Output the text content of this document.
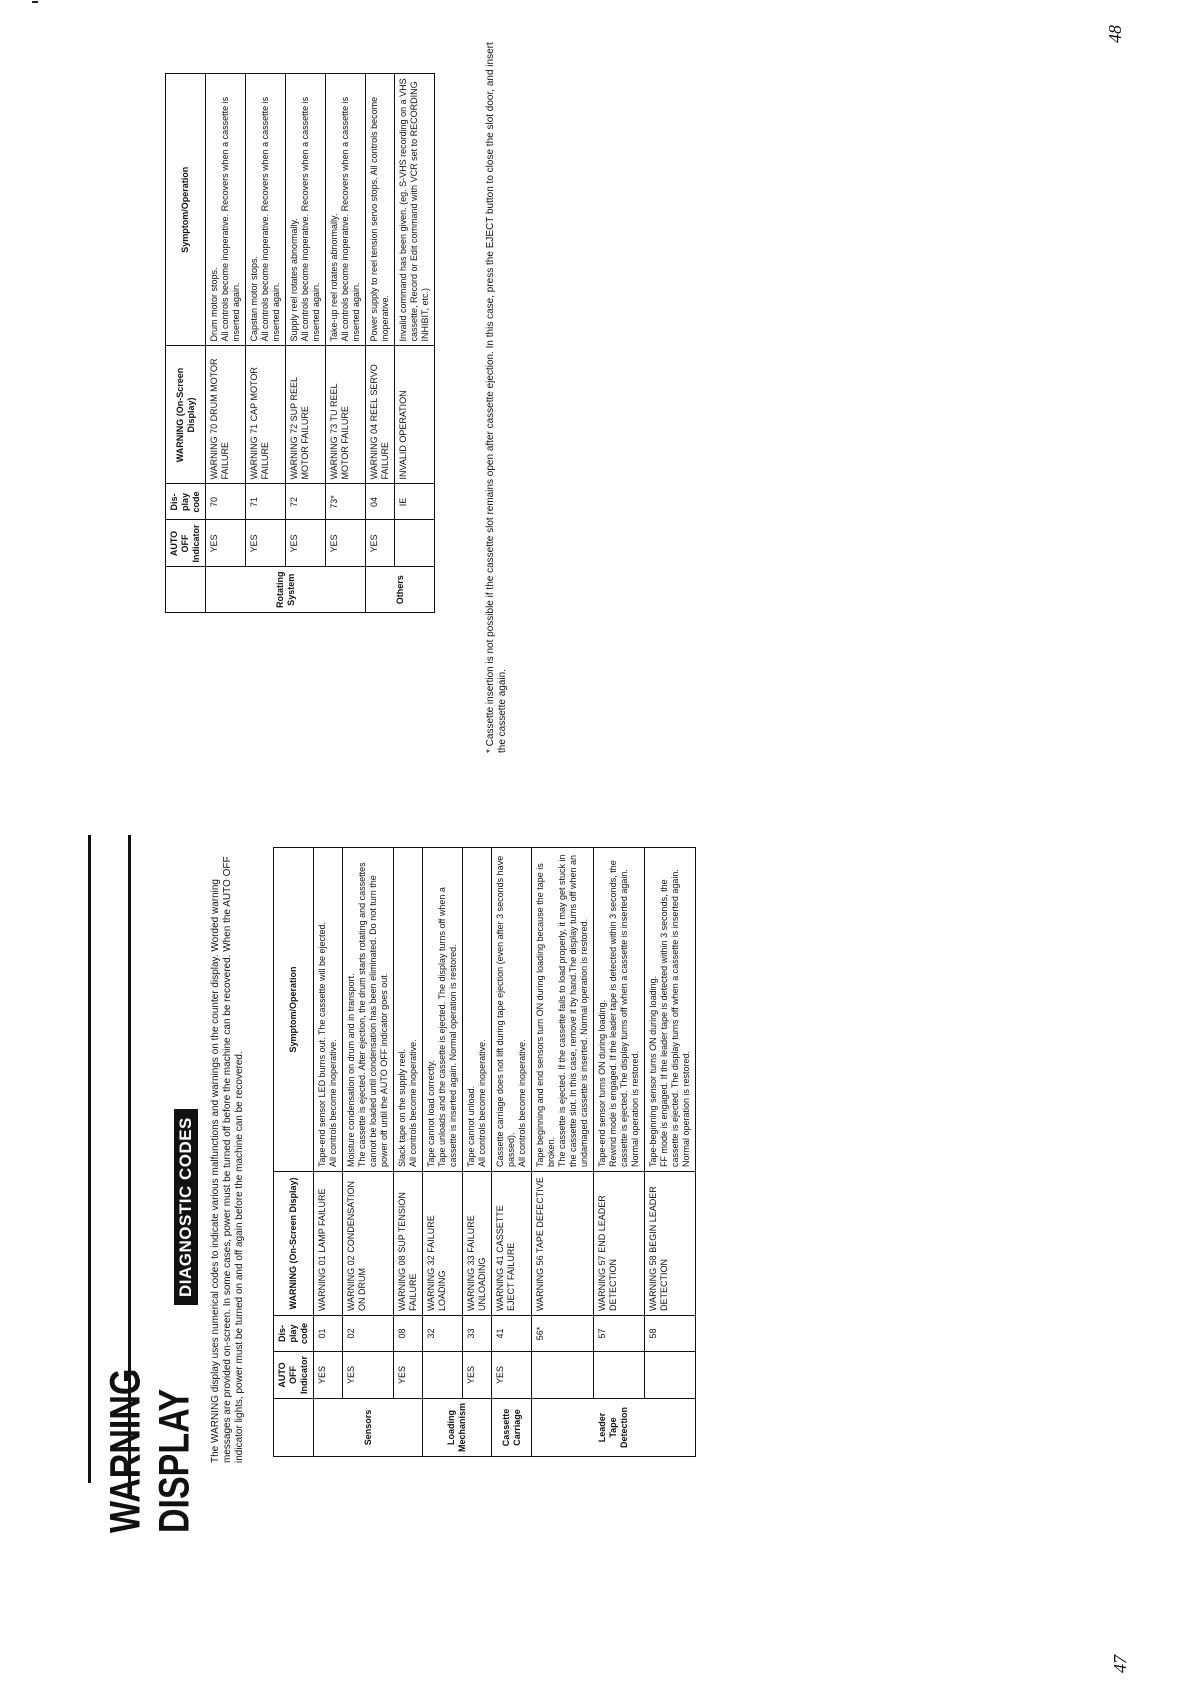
47
48
WARNING DISPLAY
DIAGNOSTIC CODES	The WARNING display uses numerical codes to indicate various malfunctions and warnings on the counter display. Worded warning messages are provided on-screen. In some cases, power must be turned off before the machine can be recovered. When the AUTO OFF indicator lights, power must be turned on and off again before the machine can be recovered.
		AUTO OFF Indicator	Dis- play code	WARNING (On-Screen Display)	Symptom/Operation
Sensors	YES	01	WARNING 01 LAMP FAILURE	Tape-end sensor LED burns out. The cassette will be ejected. All controls become inoperative.

	YES	02	WARNING 02 CONDENSATION ON DRUM	Moisture condensation on drum and in transport. The cassette is ejected. After ejection, the drum starts rotating and cassettes cannot be loaded until condensation has been eliminated. Do not turn the power off until the AUTO OFF indicator goes out.

	YES	08	WARNING 08 SUP TENSION FAILURE	Slack tape on the supply reel. All controls become inoperative.

Loading Mechanism		32	WARNING 32 FAILURE LOADING	Tape cannot load correctly. Tape unloads and the cassette is ejected. The display turns off when a cassette is inserted again. Normal operation is restored.

	YES	33	WARNING 33 FAILURE UNLOADING	Tape cannot unload. All controls become inoperative.

Cassette Carriage	YES	41	WARNING 41 CASSETTE EJECT FAILURE	Cassette carriage does not lift during tape ejection (even after 3 seconds have passed). All controls become inoperative.

Leader Tape Detection		56*	WARNING 56 TAPE DEFECTIVE	Tape beginning and end sensors turn ON during loading because the tape is broken. The cassette is ejected. If the cassette fails to load properly, it may get stuck in the cassette slot. In this case, remove it by hand.The display turns off when an undamaged cassette is inserted. Normal operation is restored.

		57	WARNING 57 END LEADER DETECTION	Tape-end sensor turns ON during loading. Rewind mode is engaged. If the leader tape is detected within 3 seconds, the cassette is ejected. The display turns off when a cassette is inserted again. Normal operation is restored.

		58	WARNING 58 BEGIN LEADER DETECTION	Tape-beginning sensor turns ON during loading. FF mode is engaged. If the leader tape is detected within 3 seconds, the cassette is ejected. The display turns off when a cassette is inserted again. Normal operation is restored.
	AUTO OFF Indicator	Dis- play code	WARNING (On-Screen Display)	Symptom/Operation
Rotating System	YES	70	WARNING 70 DRUM MOTOR FAILURE	Drum motor stops. All controls become inoperative. Recovers when a cassette is inserted again.

	YES	71	WARNING 71 CAP MOTOR FAILURE	Capstan motor stops. All controls become inoperative. Recovers when a cassette is inserted again.

	YES	72	WARNING 72 SUP REEL MOTOR FAILURE	Supply reel rotates abnormally. All controls become inoperative. Recovers when a cassette is inserted again.

	YES	73*	WARNING 73 TU REEL MOTOR FAILURE	Take-up reel rotates abnormally. All controls become inoperative. Recovers when a cassette is inserted again.

Others	YES	04	WARNING 04 REEL SERVO FAILURE	Power supply to reel tension servo stops. All controls become inoperative.

		IE	INVALID OPERATION	Invalid command has been given. (eg. S-VHS recording on a VHS cassette, Record or Edit command with VCR set to RECORDING INHIBIT, etc.)	* Cassette insertion is not possible if the cassette slot remains open after cassette ejection. In this case, press the EJECT button to close the slot door, and insert the cassette again.
